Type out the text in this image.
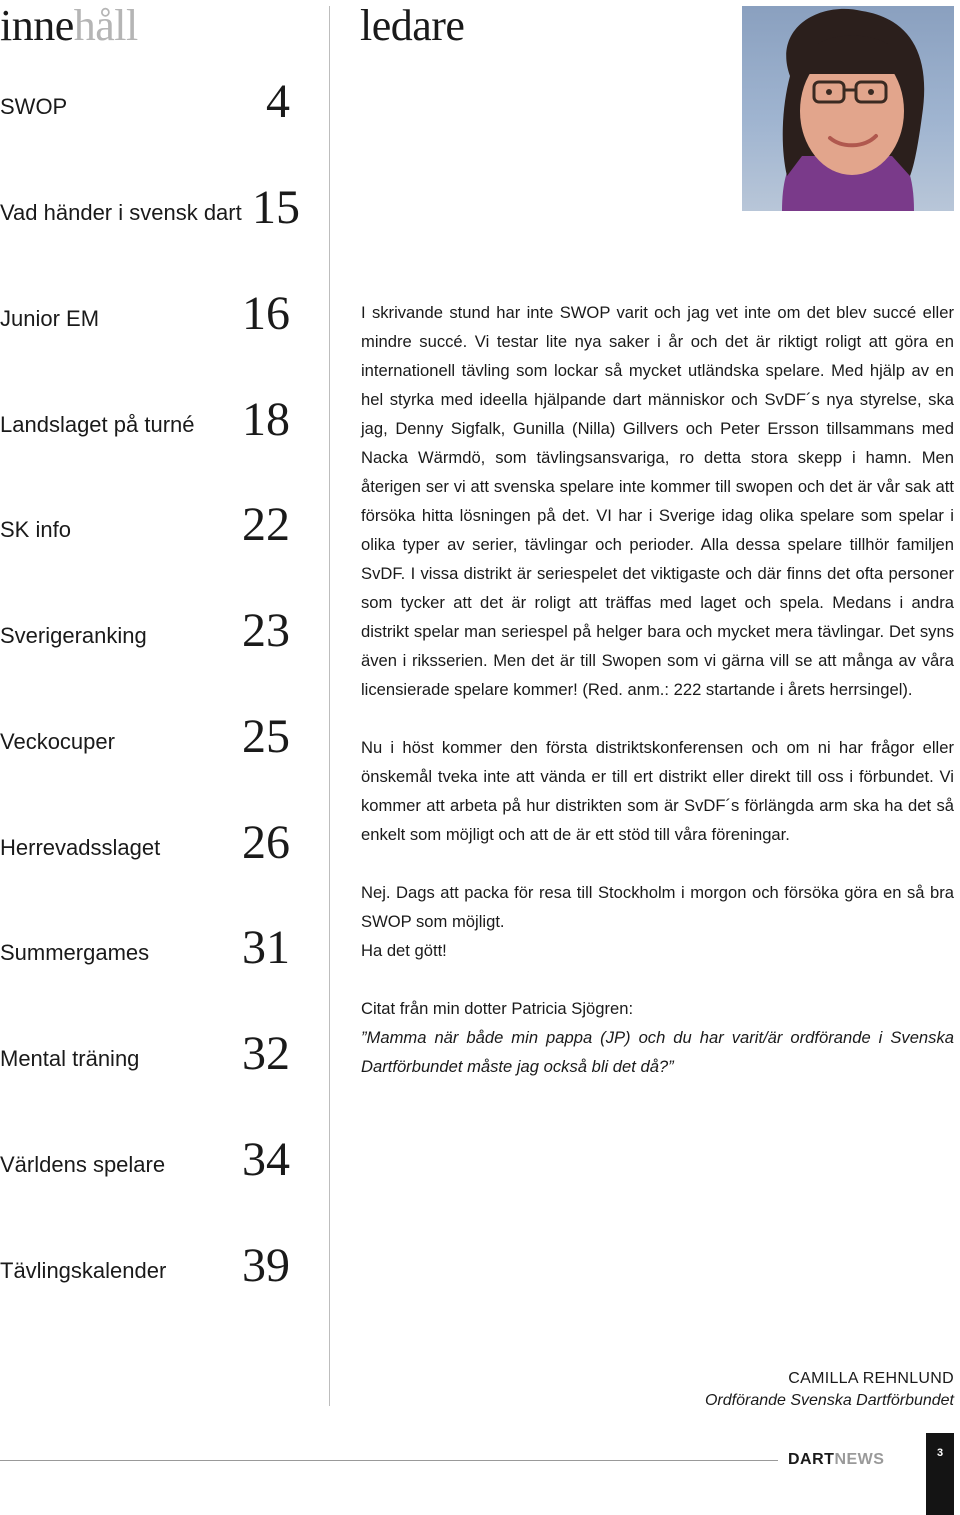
innehåll	ledare
SWOP	4
Vad händer i svensk dart 15
Junior EM	16
Landslaget på turné 18
SK info	22
Sverigeranking 23
Veckocuper	25
Herrevadsslaget 26
Summergames 31
Mental träning 32
Världens spelare 34
Tävlingskalender 39

I skrivande stund har inte SWOP varit och jag vet inte om det blev succé eller mindre succé. Vi testar lite nya saker i år och det är riktigt roligt att göra en internationell tävling som lockar så mycket utländska spelare. Med hjälp av en hel styrka med ideella hjälpande dart människor och SvDF´s nya styrelse, ska jag, Denny Sigfalk, Gunilla (Nilla) Gillvers och Peter Ersson tillsammans med Nacka Wärmdö, som tävlingsansvariga, ro detta stora skepp i hamn. Men återigen ser vi att svenska spelare inte kommer till swopen och det är vår sak att försöka hitta lösningen på det. VI har i Sverige idag olika spelare som spelar i olika typer av serier, tävlingar och perioder. Alla dessa spelare tillhör familjen SvDF. I vissa distrikt är seriespelet det viktigaste och där finns det ofta personer som tycker att det är roligt att träffas med laget och spela. Medans i andra distrikt spelar man seriespel på helger bara och mycket mera tävlingar. Det syns även i riksserien. Men det är till Swopen som vi gärna vill se att många av våra licensierade spelare kommer! (Red. anm.: 222 startande i årets herrsingel).

Nu i höst kommer den första distriktskonferensen och om ni har frågor eller önskemål tveka inte att vända er till ert distrikt eller direkt till oss i förbundet. Vi kommer att arbeta på hur distrikten som är SvDF´s förlängda arm ska ha det så enkelt som möjligt och att de är ett stöd till våra föreningar.

Nej. Dags att packa för resa till Stockholm i morgon och försöka göra en så bra SWOP som möjligt.

Ha det gött!

Citat från min dotter Patricia Sjögren:

”Mamma när både min pappa (JP) och du har varit/är ordförande i Svenska Dartförbundet måste jag också bli det då?”

CAMILLA REHNLUND
Ordförande Svenska Dartförbundet
DARTNEWS	3
